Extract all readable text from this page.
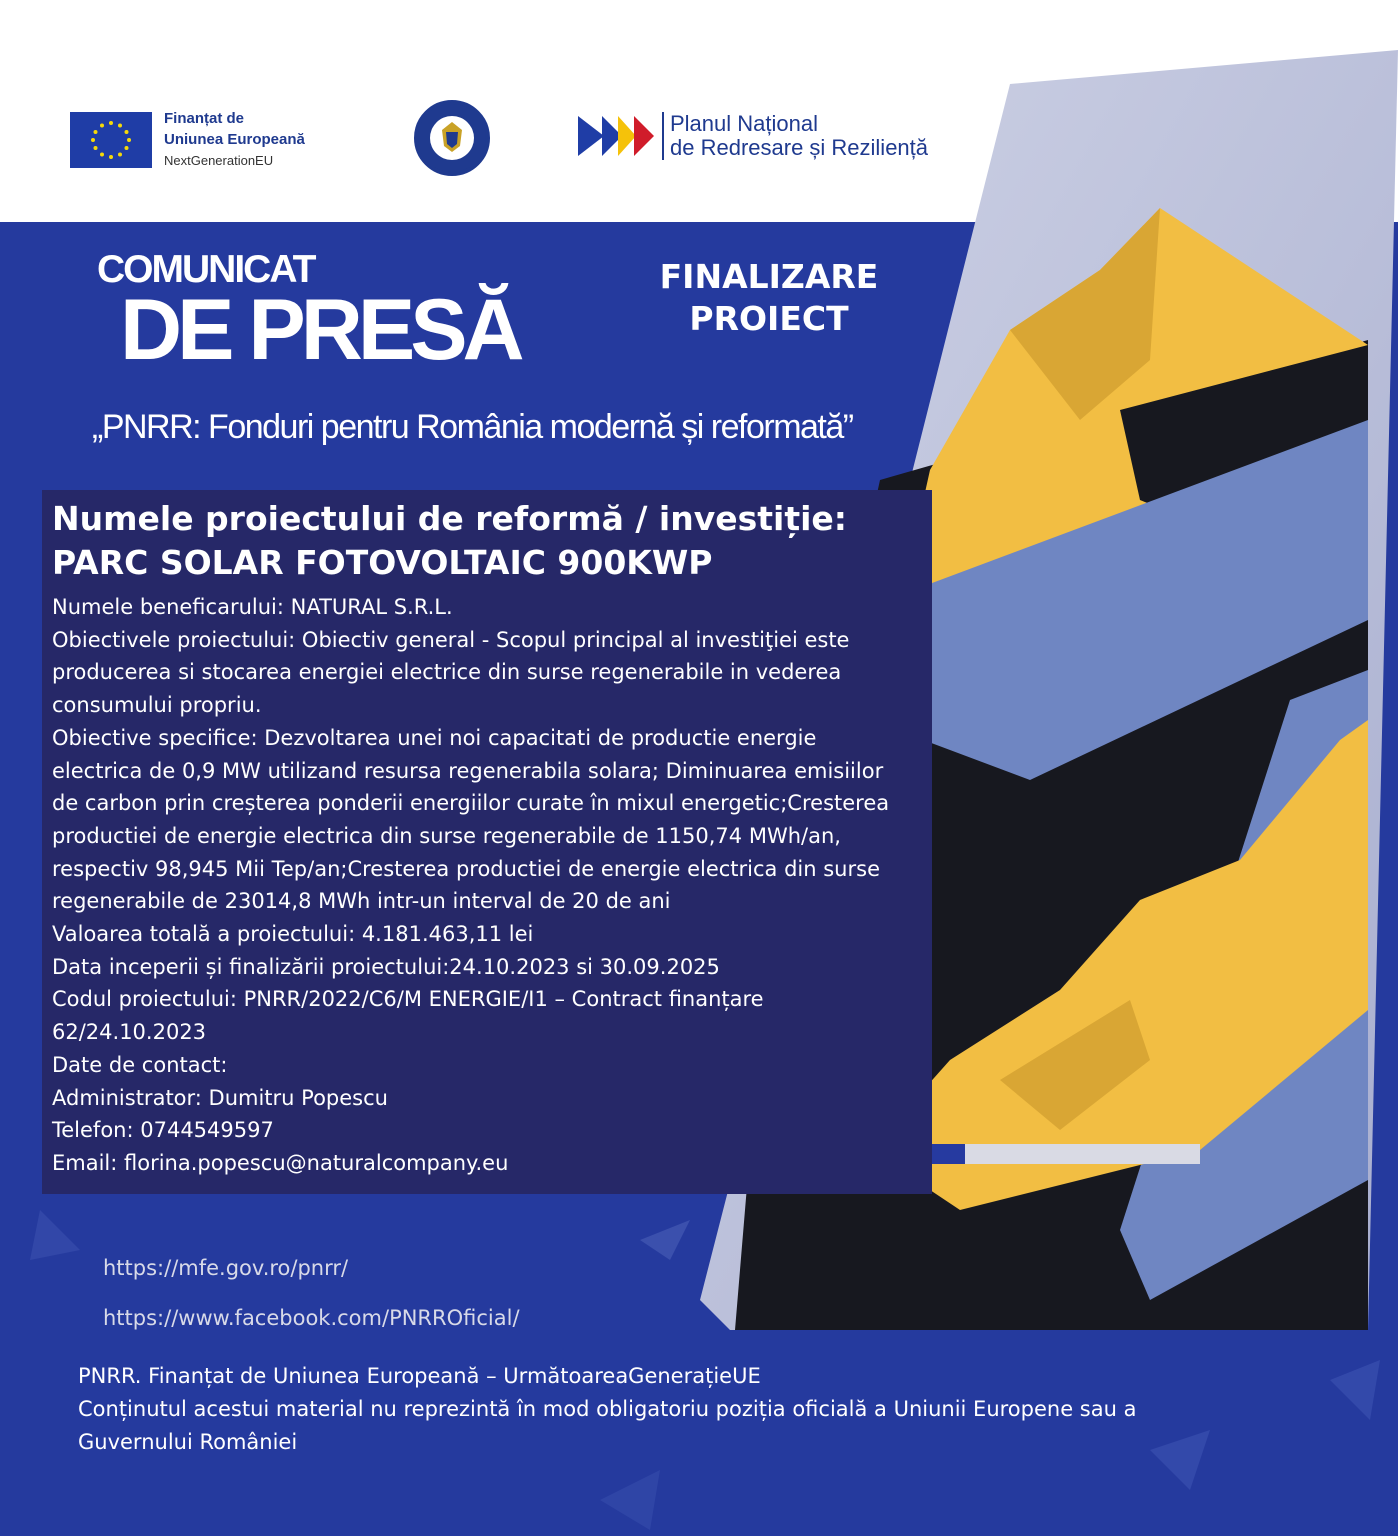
Finanțat de
Uniunea Europeană
NextGenerationEU
Planul Național
de Redresare și Reziliență
COMUNICAT
DE PRESĂ
FINALIZARE
PROIECT
„PNRR: Fonduri pentru România modernă și reformată”
Numele proiectului de reformă / investiție:
PARC SOLAR FOTOVOLTAIC 900KWP

Numele beneficarului: NATURAL S.R.L.

Obiectivele proiectului: Obiectiv general - Scopul principal al investiţiei este

producerea si stocarea energiei electrice din surse regenerabile in vederea

consumului propriu.

Obiective specifice: Dezvoltarea unei noi capacitati de productie energie

electrica de 0,9 MW utilizand resursa regenerabila solara; Diminuarea emisiilor

de carbon prin creșterea ponderii energiilor curate în mixul energetic;Cresterea

productiei de energie electrica din surse regenerabile de 1150,74 MWh/an,

respectiv 98,945 Mii Tep/an;Cresterea productiei de energie electrica din surse

regenerabile de 23014,8 MWh intr-un interval de 20 de ani

Valoarea totală a proiectului: 4.181.463,11 lei

Data inceperii și finalizării proiectului:24.10.2023 si 30.09.2025

Codul proiectului: PNRR/2022/C6/M ENERGIE/I1 – Contract finanțare

62/24.10.2023

Date de contact:

Administrator: Dumitru Popescu

Telefon: 0744549597

Email: florina.popescu@naturalcompany.eu

https://mfe.gov.ro/pnrr/
https://www.facebook.com/PNRROficial/
PNRR. Finanțat de Uniunea Europeană – UrmătoareaGenerațieUE
Conținutul acestui material nu reprezintă în mod obligatoriu poziția oficială a Uniunii Europene sau a
Guvernului României
